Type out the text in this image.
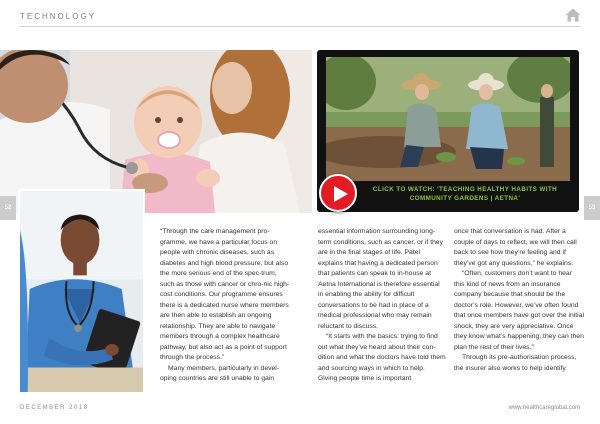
TECHNOLOGY
CLICK TO WATCH: 'TEACHING HEALTHY HABITS WITH
COMMUNITY GARDENS | AETNA'
52	53

“Through the care management pro-gramme, we have a particular focus on people with chronic diseases, such as diabetes and high blood pressure, but also the more serious end of the spec-trum, such as those with cancer or chro-nic high-cost conditions. Our programme ensures there is a dedicated nurse where members are then able to establish an ongoing relationship. They are able to navigate members through a complex healthcare pathway, but also act as a point of support through the process.”

Many members, particularly in devel-oping countries are still unable to gain

essential information surrounding long-term conditions, such as cancer, or if they are in the final stages of life. Patel explains that having a dedicated person that patients can speak to in-house at Aetna International is therefore essential in enabling the ability for difficult conversations to be had in place of a medical professional who may remain reluctant to discuss.

“It starts with the basics: trying to find out what they’ve heard about their con-dition and what the doctors have told them and sourcing ways in which to help. Giving people time is important

once that conversation is had. After a couple of days to reflect, we will then call back to see how they’re feeling and if they’ve got any questions,” he explains.

“Often, customers don’t want to hear this kind of news from an insurance company because that should be the doctor’s role. However, we’ve often found that once members have got over the initial shock, they are very appreciative. Once they know what’s happening, they can then plan the rest of their lives.”

Through its pre-authorisation process, the insurer also works to help identify

DECEMBER 2018	www.healthcareglobal.com
